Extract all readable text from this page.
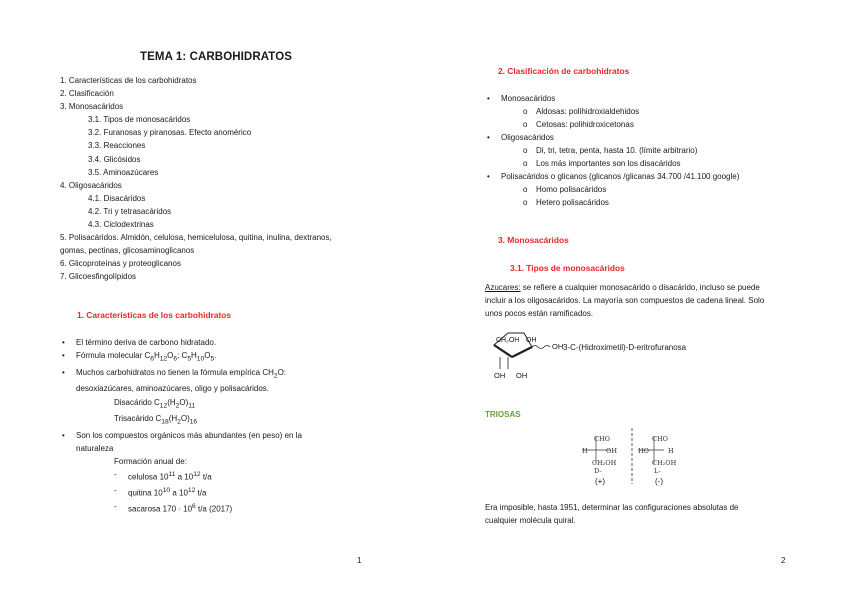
TEMA 1: CARBOHIDRATOS
1. Características de los carbohidratos
2. Clasificación
3. Monosacáridos
3.1. Tipos de monosacáridos
3.2. Furanosas y piranosas. Efecto anomérico
3.3. Reacciones
3.4. Glicósidos
3.5. Aminoazúcares
4. Oligosacáridos
4.1. Disacáridos
4.2. Tri y tetrasacáridos
4.3. Ciclodextrinas
5. Polisacáridos. Almidón, celulosa, hemicelulosa, quitina, inulina, dextranos,
gomas, pectinas, glicosaminoglicanos
6. Glicoproteínas y proteoglicanos
7. Glicoesfingolípidos
1. Características de los carbohidratos
• El término deriva de carbono hidratado.
• Fórmula molecular $C_6H_{12}O_6$; $C_5H_{10}O_5$.
• Muchos carbohidratos no tienen la fórmula empírica $CH_2O$:
desoxiazúcares, aminoazúcares, oligo y polisacáridos.
Disacárido $C_{12}(H_2O)_{11}$
Trisacárido $C_{18}(H_2O)_{16}$
• Son los compuestos orgánicos más abundantes (en peso) en la
naturaleza
Formación anual de:
- celulosa $10^{11}$ a $10^{12}$ t/a
- quitina $10^{10}$ a $10^{12}$ t/a
- sacarosa $170 \cdot 10^6$ t/a (2017)
1
2. Clasificación de carbohidratos
• Monosacáridos
o Aldosas: polihidroxialdehidos
o Cetosas: polihidroxicetonas
• Oligosacáridos
o Di, tri, tetra, penta, hasta 10. (límite arbitrario)
o Los más importantes son los disacáridos
• Polisacáridos o glicanos (glicanos /glicanas 34.700 /41.100 google)
o Homo polisacáridos
o Hetero polisacáridos
3. Monosacáridos
3.1. Tipos de monosacáridos
Azucares: se refiere a cualquier monosacárido o disacárido, incluso se puede
incluir a los oligosacáridos. La mayoría son compuestos de cadena lineal. Solo
unos pocos están ramificados.
CH₂OH OH
OH
OH OH
3-C-(Hidroximetil)-D-eritrofuranosa
TRIOSAS
CHO	CHO
H	OH	HO	H
CH₂OH	CH₂OH
D-	L-
(+)	(-)
Era imposible, hasta 1951, determinar las configuraciones absolutas de
cualquier molécula quiral.
2
